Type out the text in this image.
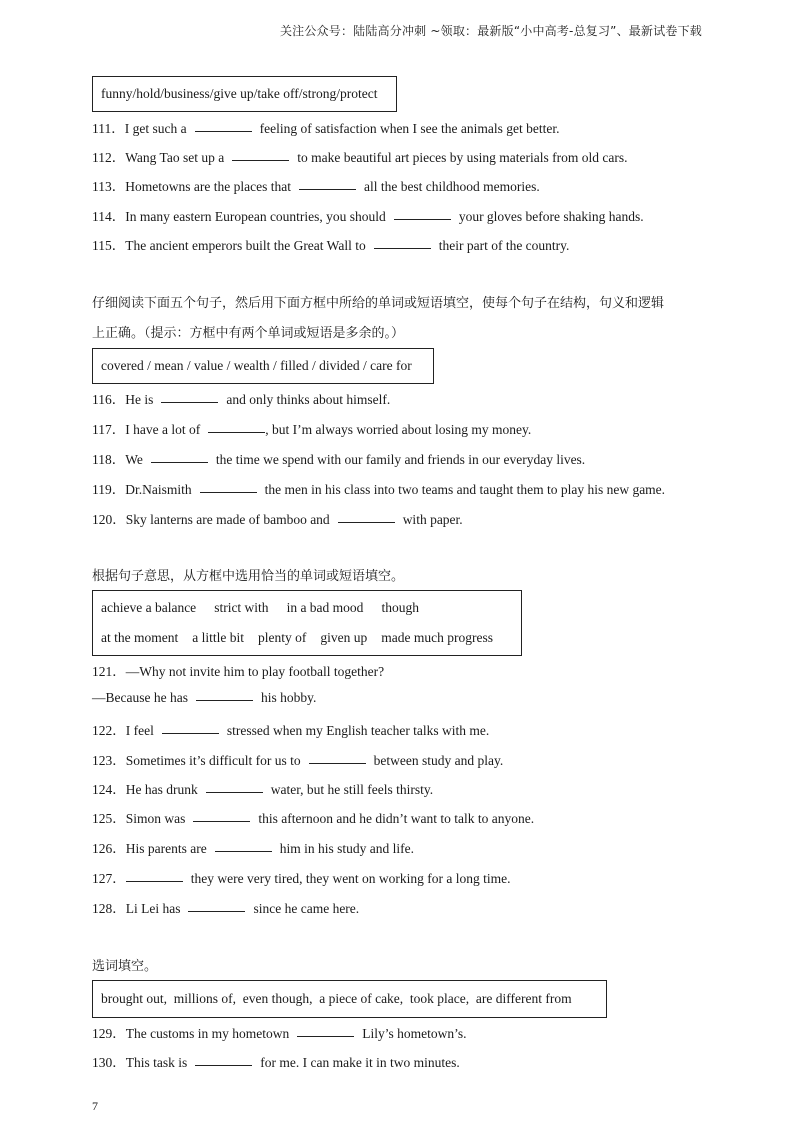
关注公众号：陆陆高分冲刺 ~领取：最新版“小中高考-总复习”、最新试卷下载
funny/hold/business/give up/take off/strong/protect
111．I get such a	feeling of satisfaction when I see the animals get better.
112．Wang Tao set up a	to make beautiful art pieces by using materials from old cars.
113．Hometowns are the places that	all the best childhood memories.
114．In many eastern European countries, you should	your gloves before shaking hands.
115．The ancient emperors built the Great Wall to	their part of the country.
仔细阅读下面五个句子，然后用下面方框中所给的单词或短语填空，使每个句子在结构，句义和逻辑
上正确。（提示：方框中有两个单词或短语是多余的。）
covered / mean / value / wealth / filled / divided / care for
116．He is	and only thinks about himself.
117．I have a lot of	, but I’m always worried about losing my money.
118．We	the time we spend with our family and friends in our everyday lives.
119．Dr.Naismith	the men in his class into two teams and taught them to play his new game.
120．Sky lanterns are made of bamboo and	with paper.
根据句子意思，从方框中选用恰当的单词或短语填空。
achieve a balance strict with in a bad mood though
at the moment a little bit plenty of given up made much progress
121．—Why not invite him to play football together?
—Because he has	his hobby.
122．I feel	stressed when my English teacher talks with me.
123．Sometimes it’s difficult for us to	between study and play.
124．He has drunk	water, but he still feels thirsty.
125．Simon was	this afternoon and he didn’t want to talk to anyone.
126．His parents are	him in his study and life.
127．	they were very tired, they went on working for a long time.
128．Li Lei has	since he came here.
选词填空。
brought out,  millions of,  even though,  a piece of cake,  took place,  are different from
129．The customs in my hometown	Lily’s hometown’s.
130．This task is	for me. I can make it in two minutes.
7
